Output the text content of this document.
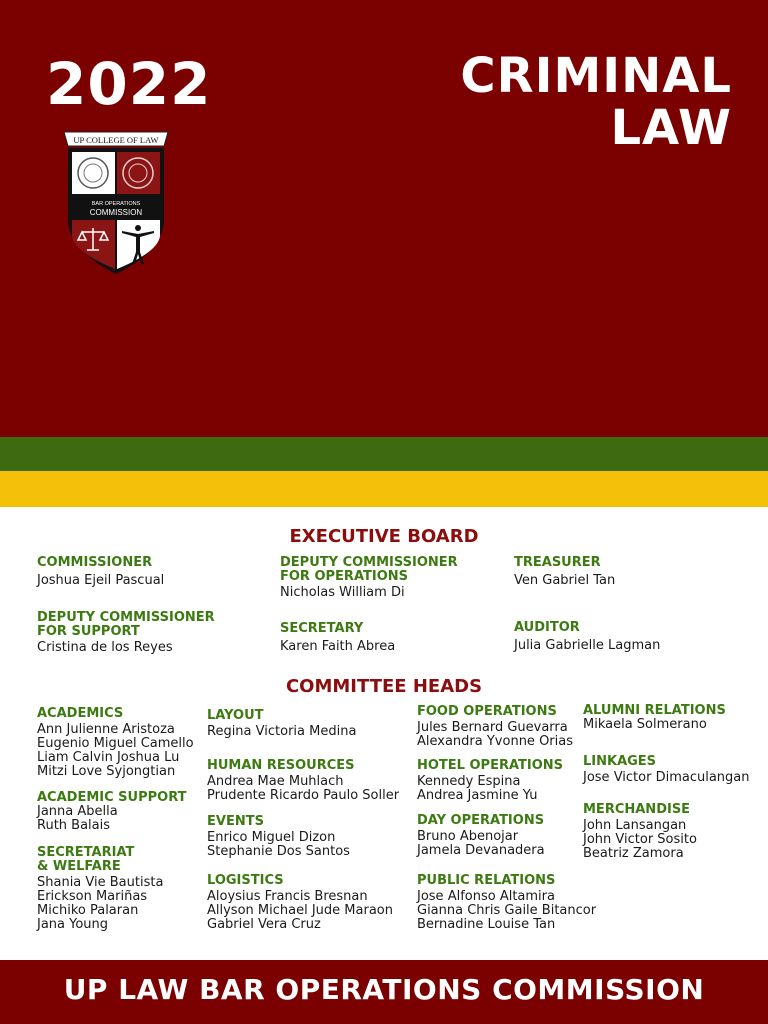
2022	CRIMINAL
LAW
UP COLLEGE OF LAW
BAR OPERATIONS
COMMISSION
EXECUTIVE BOARD
COMMISSIONER
Joshua Ejeil Pascual
DEPUTY COMMISSIONER
FOR OPERATIONS
Nicholas William Di
TREASURER
Ven Gabriel Tan
DEPUTY COMMISSIONER
FOR SUPPORT
Cristina de los Reyes
SECRETARY
Karen Faith Abrea
AUDITOR
Julia Gabrielle Lagman
COMMITTEE HEADS
ACADEMICS
Ann Julienne Aristoza
Eugenio Miguel Camello
Liam Calvin Joshua Lu
Mitzi Love Syjongtian
ACADEMIC SUPPORT
Janna Abella
Ruth Balais
SECRETARIAT
& WELFARE
Shania Vie Bautista
Erickson Mariñas
Michiko Palaran
Jana Young
LAYOUT
Regina Victoria Medina
HUMAN RESOURCES
Andrea Mae Muhlach
Prudente Ricardo Paulo Soller
EVENTS
Enrico Miguel Dizon
Stephanie Dos Santos
LOGISTICS
Aloysius Francis Bresnan
Allyson Michael Jude Maraon
Gabriel Vera Cruz
FOOD OPERATIONS
Jules Bernard Guevarra
Alexandra Yvonne Orias
HOTEL OPERATIONS
Kennedy Espina
Andrea Jasmine Yu
DAY OPERATIONS
Bruno Abenojar
Jamela Devanadera
PUBLIC RELATIONS
Jose Alfonso Altamira
Gianna Chris Gaile Bitancor
Bernadine Louise Tan
ALUMNI RELATIONS
Mikaela Solmerano
LINKAGES
Jose Victor Dimaculangan
MERCHANDISE
John Lansangan
John Victor Sosito
Beatriz Zamora
UP LAW BAR OPERATIONS COMMISSION
